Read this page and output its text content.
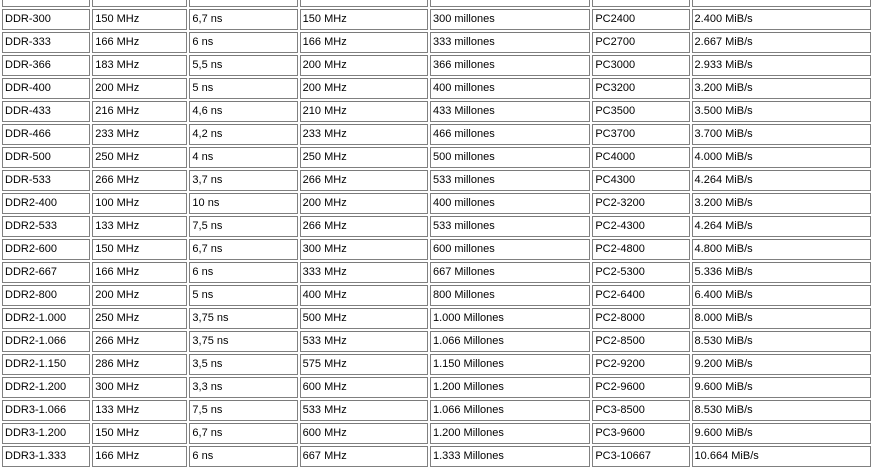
DDR-300	150 MHz	6,7 ns	150 MHz	300 millones	PC2400	2.400 MiB/s
DDR-333	166 MHz	6 ns	166 MHz	333 millones	PC2700	2.667 MiB/s
DDR-366	183 MHz	5,5 ns	200 MHz	366 millones	PC3000	2.933 MiB/s
DDR-400	200 MHz	5 ns	200 MHz	400 millones	PC3200	3.200 MiB/s
DDR-433	216 MHz	4,6 ns	210 MHz	433 Millones	PC3500	3.500 MiB/s
DDR-466	233 MHz	4,2 ns	233 MHz	466 millones	PC3700	3.700 MiB/s
DDR-500	250 MHz	4 ns	250 MHz	500 millones	PC4000	4.000 MiB/s
DDR-533	266 MHz	3,7 ns	266 MHz	533 millones	PC4300	4.264 MiB/s
DDR2-400	100 MHz	10 ns	200 MHz	400 millones	PC2-3200	3.200 MiB/s
DDR2-533	133 MHz	7,5 ns	266 MHz	533 millones	PC2-4300	4.264 MiB/s
DDR2-600	150 MHz	6,7 ns	300 MHz	600 millones	PC2-4800	4.800 MiB/s
DDR2-667	166 MHz	6 ns	333 MHz	667 Millones	PC2-5300	5.336 MiB/s
DDR2-800	200 MHz	5 ns	400 MHz	800 Millones	PC2-6400	6.400 MiB/s
DDR2-1.000	250 MHz	3,75 ns	500 MHz	1.000 Millones	PC2-8000	8.000 MiB/s
DDR2-1.066	266 MHz	3,75 ns	533 MHz	1.066 Millones	PC2-8500	8.530 MiB/s
DDR2-1.150	286 MHz	3,5 ns	575 MHz	1.150 Millones	PC2-9200	9.200 MiB/s
DDR2-1.200	300 MHz	3,3 ns	600 MHz	1.200 Millones	PC2-9600	9.600 MiB/s
DDR3-1.066	133 MHz	7,5 ns	533 MHz	1.066 Millones	PC3-8500	8.530 MiB/s
DDR3-1.200	150 MHz	6,7 ns	600 MHz	1.200 Millones	PC3-9600	9.600 MiB/s
DDR3-1.333	166 MHz	6 ns	667 MHz	1.333 Millones	PC3-10667	10.664 MiB/s
